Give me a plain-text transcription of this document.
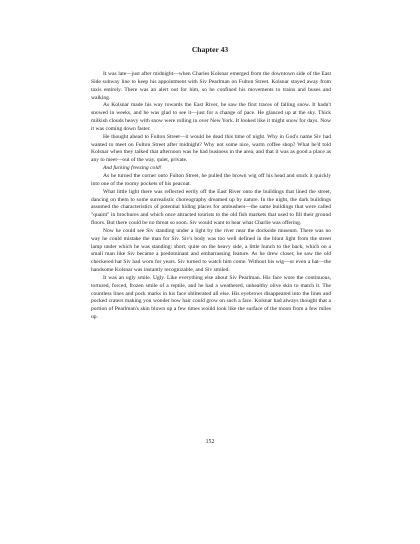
Chapter 43

It was late—just after midnight—when Charles Kolsnar emerged from the downtown side of the East Side subway line to keep his appointment with Siv Pearlman on Fulton Street. Kolsnar stayed away from taxis entirely. There was an alert out for him, so he confined his movements to trains and buses and walking.

As Kolsnar made his way towards the East River, he saw the first traces of falling snow. It hadn't snowed in weeks, and he was glad to see it—just for a change of pace. He glanced up at the sky. Thick milkish clouds heavy with snow were rolling in over New York. It looked like it might snow for days. Now it was coming down faster.

He thought ahead to Fulton Street—it would be dead this time of night. Why in God's name Siv had wanted to meet on Fulton Street after midnight? Why not some nice, warm coffee shop? What he'd told Kolsnar when they talked that afternoon was he had business in the area, and that it was as good a place as any to meet—out of the way, quiet, private.

And fucking freezing cold!

As he turned the corner onto Fulton Street, he pulled the brown wig off his head and stuck it quickly into one of the roomy pockets of his peacoat.

What little light there was reflected eerily off the East River onto the buildings that lined the street, dancing on them to some surrealistic choreography dreamed up by nature. In the night, the dark buildings assumed the characteristics of potential hiding places for ambushers—the same buildings that were called "quaint" in brochures and which once attracted tourists to the old fish markets that used to fill their ground floors. But there could be no threat so soon. Siv would want to hear what Charlie was offering.

Now he could see Siv standing under a light by the river near the dockside museum. There was no way he could mistake the man for Siv. Siv's body was too well defined in the blunt light from the street lamp under which he was standing: short, quite on the heavy side, a little hunch to the back, which on a small man like Siv became a predominant and embarrassing feature. As he drew closer, he saw the old checkered hat Siv had worn for years. Siv turned to watch him come. Without his wig—or even a hat—the handsome Kolsnar was instantly recognizable, and Siv smiled.

It was an ugly smile. Ugly. Like everything else about Siv Pearlman. His face wore the continuous, tortured, forced, frozen smile of a reptile, and he had a weathered, unhealthy olive skin to match it. The countless lines and pock marks in his face obliterated all else. His eyebrows disappeared into the lines and pocked craters making you wonder how hair could grow on such a face. Kolsnar had always thought that a portion of Pearlman's skin blown up a few times would look like the surface of the moon from a few miles up.

152
